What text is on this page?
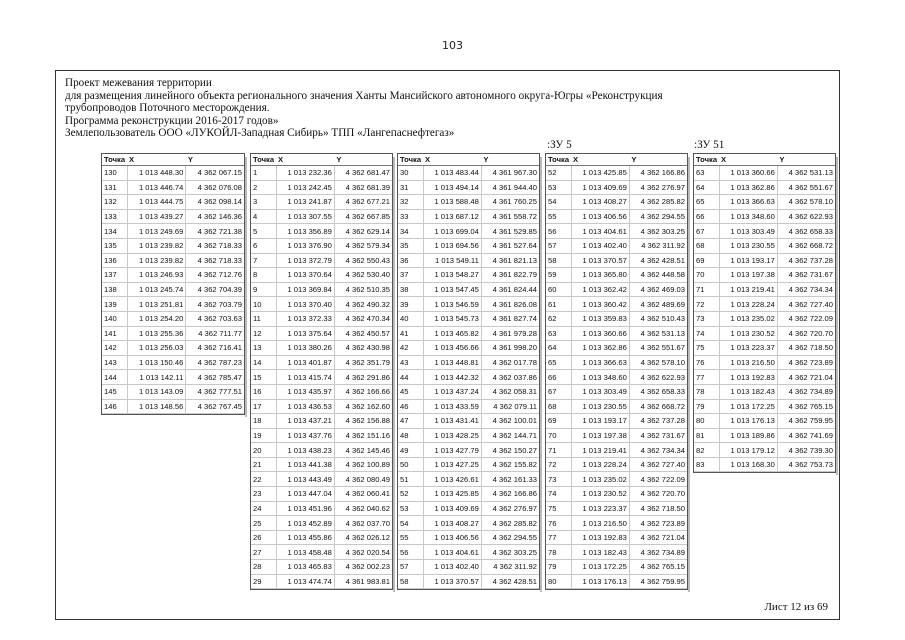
103
Проект межевания территории
для размещения линейного объекта регионального значения Ханты Мансийского автономного округа-Югры «Реконструкция
трубопроводов Поточного месторождения.
Программа реконструкции 2016-2017 годов»
Землепользователь ООО «ЛУКОЙЛ-Западная Сибирь» ТПП «Лангепаснефтегаз»
:ЗУ 5	:ЗУ 51
Точка	X	Y
130	1 013 448.30	4 362 067.15
131	1 013 446.74	4 362 076.08
132	1 013 444.75	4 362 098.14
133	1 013 439.27	4 362 146.36
134	1 013 249.69	4 362 721.38
135	1 013 239.82	4 362 718.33
136	1 013 239.82	4 362 718.33
137	1 013 246.93	4 362 712.76
138	1 013 245.74	4 362 704.39
139	1 013 251.81	4 362 703.79
140	1 013 254.20	4 362 703.63
141	1 013 255.36	4 362 711.77
142	1 013 256.03	4 362 716.41
143	1 013 150.46	4 362 787.23
144	1 013 142.11	4 362 785.47
145	1 013 143.09	4 362 777.51
146	1 013 148.56	4 362 767.45
Точка	X	Y
1	1 013 232.36	4 362 681.47
2	1 013 242.45	4 362 681.39
3	1 013 241.87	4 362 677.21
4	1 013 307.55	4 362 667.85
5	1 013 356.89	4 362 629.14
6	1 013 376.90	4 362 579.34
7	1 013 372.79	4 362 550.43
8	1 013 370.64	4 362 530.40
9	1 013 369.84	4 362 510.35
10	1 013 370.40	4 362 490.32
11	1 013 372.33	4 362 470.34
12	1 013 375.64	4 362 450.57
13	1 013 380.26	4 362 430.98
14	1 013 401.87	4 362 351.79
15	1 013 415.74	4 362 291.86
16	1 013 435.97	4 362 166.66
17	1 013 436.53	4 362 162.60
18	1 013 437.21	4 362 156.88
19	1 013 437.76	4 362 151.16
20	1 013 438.23	4 362 145.46
21	1 013 441.38	4 362 100.89
22	1 013 443.49	4 362 080.49
23	1 013 447.04	4 362 060.41
24	1 013 451.96	4 362 040.62
25	1 013 452.89	4 362 037.70
26	1 013 455.86	4 362 026.12
27	1 013 458.48	4 362 020.54
28	1 013 465.83	4 362 002.23
29	1 013 474.74	4 361 983.81
Точка	X	Y
30	1 013 483.44	4 361 967.30
31	1 013 494.14	4 361 944.40
32	1 013 588.48	4 361 760.25
33	1 013 687.12	4 361 558.72
34	1 013 699.04	4 361 529.85
35	1 013 694.56	4 361 527.64
36	1 013 549.11	4 361 821.13
37	1 013 548.27	4 361 822.79
38	1 013 547.45	4 361 824.44
39	1 013 546.59	4 361 826.08
40	1 013 545.73	4 361 827.74
41	1 013 465.82	4 361 979.28
42	1 013 456.66	4 361 998.20
43	1 013 448.81	4 362 017.78
44	1 013 442.32	4 362 037.86
45	1 013 437.24	4 362 058.31
46	1 013 433.59	4 362 079.11
47	1 013 431.41	4 362 100.01
48	1 013 428.25	4 362 144.71
49	1 013 427.79	4 362 150.27
50	1 013 427.25	4 362 155.82
51	1 013 426.61	4 362 161.33
52	1 013 425.85	4 362 166.86
53	1 013 409.69	4 362 276.97
54	1 013 408.27	4 362 285.82
55	1 013 406.56	4 362 294.55
56	1 013 404.61	4 362 303.25
57	1 013 402.40	4 362 311.92
58	1 013 370.57	4 362 428.51
Точка	X	Y
52	1 013 425.85	4 362 166.86
53	1 013 409.69	4 362 276.97
54	1 013 408.27	4 362 285.82
55	1 013 406.56	4 362 294.55
56	1 013 404.61	4 362 303.25
57	1 013 402.40	4 362 311.92
58	1 013 370.57	4 362 428.51
59	1 013 365.80	4 362 448.58
60	1 013 362.42	4 362 469.03
61	1 013 360.42	4 362 489.69
62	1 013 359.83	4 362 510.43
63	1 013 360.66	4 362 531.13
64	1 013 362.86	4 362 551.67
65	1 013 366.63	4 362 578.10
66	1 013 348.60	4 362 622.93
67	1 013 303.49	4 362 658.33
68	1 013 230.55	4 362 668.72
69	1 013 193.17	4 362 737.28
70	1 013 197.38	4 362 731.67
71	1 013 219.41	4 362 734.34
72	1 013 228.24	4 362 727.40
73	1 013 235.02	4 362 722.09
74	1 013 230.52	4 362 720.70
75	1 013 223.37	4 362 718.50
76	1 013 216.50	4 362 723.89
77	1 013 192.83	4 362 721.04
78	1 013 182.43	4 362 734.89
79	1 013 172.25	4 362 765.15
80	1 013 176.13	4 362 759.95
Точка	X	Y
63	1 013 360.66	4 362 531.13
64	1 013 362.86	4 362 551.67
65	1 013 366.63	4 362 578.10
66	1 013 348.60	4 362 622.93
67	1 013 303.49	4 362 658.33
68	1 013 230.55	4 362 668.72
69	1 013 193.17	4 362 737.28
70	1 013 197.38	4 362 731.67
71	1 013 219.41	4 362 734.34
72	1 013 228.24	4 362 727.40
73	1 013 235.02	4 362 722.09
74	1 013 230.52	4 362 720.70
75	1 013 223.37	4 362 718.50
76	1 013 216.50	4 362 723.89
77	1 013 192.83	4 362 721.04
78	1 013 182.43	4 362 734.89
79	1 013 172.25	4 362 765.15
80	1 013 176.13	4 362 759.95
81	1 013 189.86	4 362 741.69
82	1 013 179.12	4 362 739.30
83	1 013 168.30	4 362 753.73
Лист 12 из 69
